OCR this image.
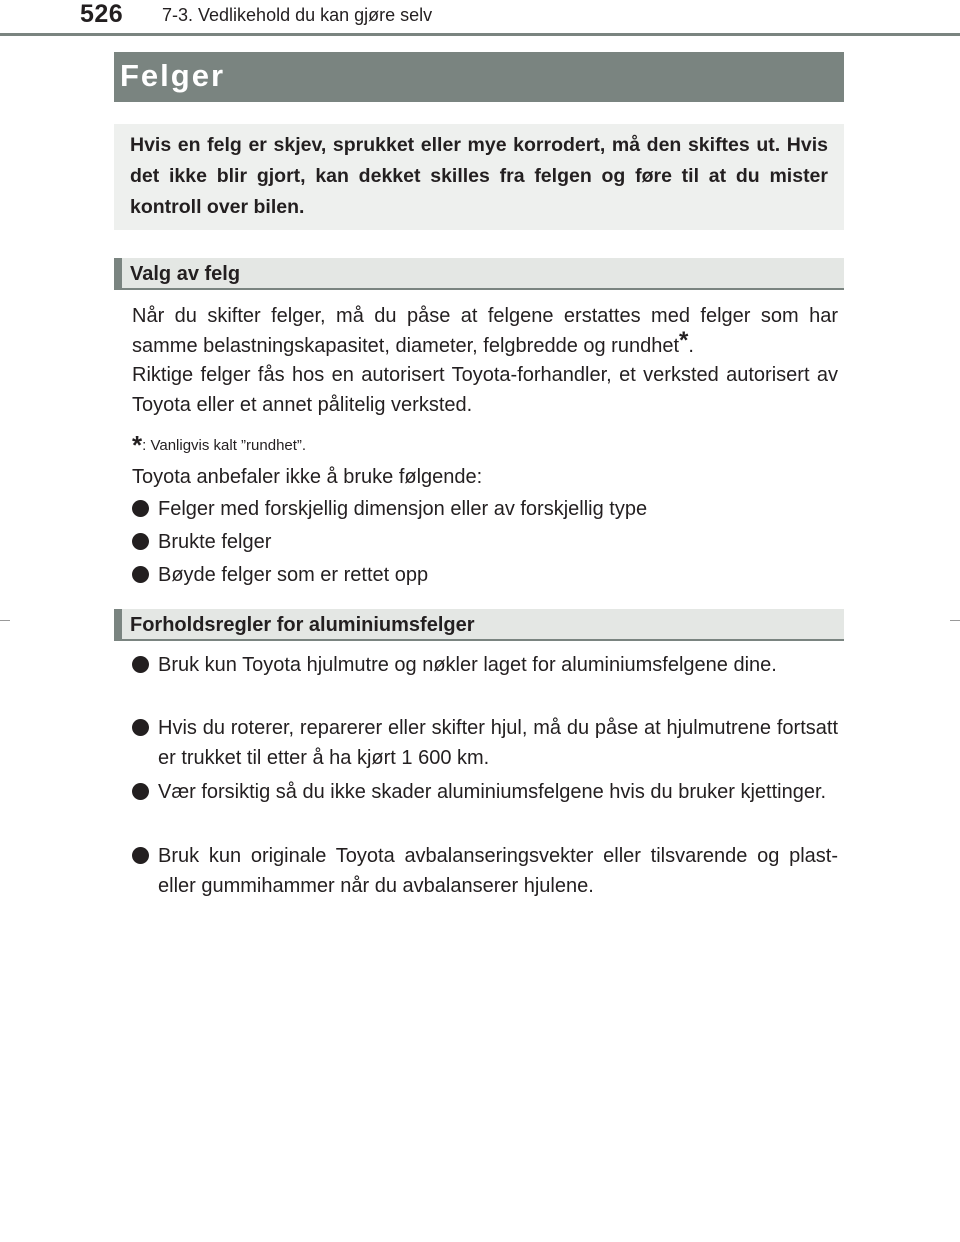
526 7-3. Vedlikehold du kan gjøre selv
Felger

Hvis en felg er skjev, sprukket eller mye korrodert, må den skiftes ut. Hvis det ikke blir gjort, kan dekket skilles fra felgen og føre til at du mister kontroll over bilen.

Valg av felg

Når du skifter felger, må du påse at felgene erstattes med felger som har samme belastningskapasitet, diameter, felgbredde og rundhet*.

Riktige felger fås hos en autorisert Toyota-forhandler, et verksted autorisert av Toyota eller et annet pålitelig verksted.

*: Vanligvis kalt ”rundhet”.

Toyota anbefaler ikke å bruke følgende:

Felger med forskjellig dimensjon eller av forskjellig type
Brukte felger
Bøyde felger som er rettet opp
Forholdsregler for aluminiumsfelger
Bruk kun Toyota hjulmutre og nøkler laget for aluminiumsfelgene dine.
Hvis du roterer, reparerer eller skifter hjul, må du påse at hjulmutrene fortsatt er trukket til etter å ha kjørt 1 600 km.
Vær forsiktig så du ikke skader aluminiumsfelgene hvis du bruker kjettinger.
Bruk kun originale Toyota avbalanseringsvekter eller tilsvarende og plast- eller gummihammer når du avbalanserer hjulene.
